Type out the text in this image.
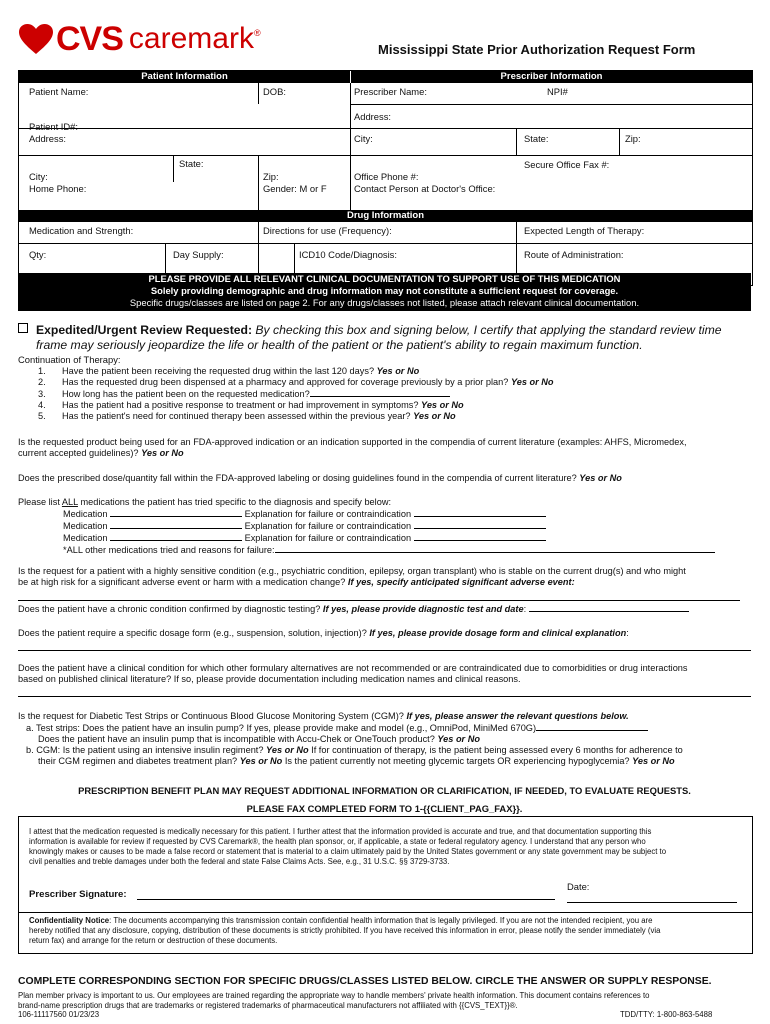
CVS caremark ®
Mississippi State Prior Authorization Request Form
Patient Information	Prescriber Information
Drug Information
Patient Name:	DOB:
Patient ID#:
Address:
State:
City:	Zip:
Home Phone:	Gender: M or F
Prescriber Name:	NPI#
Address:
City:	State:	Zip:
Secure Office Fax #:
Office Phone #:
Contact Person at Doctor's Office:
Medication and Strength:	Directions for use (Frequency):	Expected Length of Therapy:
Qty:	Day Supply:	ICD10 Code/Diagnosis:	Route of Administration:
PLEASE PROVIDE ALL RELEVANT CLINICAL DOCUMENTATION TO SUPPORT USE OF THIS MEDICATION
Solely providing demographic and drug information may not constitute a sufficient request for coverage.
Specific drugs/classes are listed on page 2. For any drugs/classes not listed, please attach relevant clinical documentation.
Expedited/Urgent Review Requested: By checking this box and signing below, I certify that applying the standard review time
frame may seriously jeopardize the life or health of the patient or the patient's ability to regain maximum function.
Continuation of Therapy:
1. Have the patient been receiving the requested drug within the last 120 days? Yes or No
2. Has the requested drug been dispensed at a pharmacy and approved for coverage previously by a prior plan? Yes or No
3. How long has the patient been on the requested medication?
4. Has the patient had a positive response to treatment or had improvement in symptoms? Yes or No
5. Has the patient's need for continued therapy been assessed within the previous year? Yes or No
Is the requested product being used for an FDA-approved indication or an indication supported in the compendia of current literature (examples: AHFS, Micromedex,
current accepted guidelines)? Yes or No
Does the prescribed dose/quantity fall within the FDA-approved labeling or dosing guidelines found in the compendia of current literature? Yes or No
Please list ALL medications the patient has tried specific to the diagnosis and specify below:
Medication	Explanation for failure or contraindication
Medication	Explanation for failure or contraindication
Medication	Explanation for failure or contraindication
*ALL other medications tried and reasons for failure:
Is the request for a patient with a highly sensitive condition (e.g., psychiatric condition, epilepsy, organ transplant) who is stable on the current drug(s) and who might
be at high risk for a significant adverse event or harm with a medication change? If yes, specify anticipated significant adverse event:
Does the patient have a chronic condition confirmed by diagnostic testing? If yes, please provide diagnostic test and date:
Does the patient require a specific dosage form (e.g., suspension, solution, injection)? If yes, please provide dosage form and clinical explanation:
Does the patient have a clinical condition for which other formulary alternatives are not recommended or are contraindicated due to comorbidities or drug interactions
based on published clinical literature? If so, please provide documentation including medication names and clinical reasons.
Is the request for Diabetic Test Strips or Continuous Blood Glucose Monitoring System (CGM)? If yes, please answer the relevant questions below.
a. Test strips: Does the patient have an insulin pump? If yes, please provide make and model (e.g., OmniPod, MiniMed 670G)
Does the patient have an insulin pump that is incompatible with Accu-Chek or OneTouch product? Yes or No
b. CGM: Is the patient using an intensive insulin regiment? Yes or No If for continuation of therapy, is the patient being assessed every 6 months for adherence to
their CGM regimen and diabetes treatment plan? Yes or No Is the patient currently not meeting glycemic targets OR experiencing hypoglycemia? Yes or No
PRESCRIPTION BENEFIT PLAN MAY REQUEST ADDITIONAL INFORMATION OR CLARIFICATION, IF NEEDED, TO EVALUATE REQUESTS.
PLEASE FAX COMPLETED FORM TO 1-{{CLIENT_PAG_FAX}}.
I attest that the medication requested is medically necessary for this patient. I further attest that the information provided is accurate and true, and that documentation supporting this
information is available for review if requested by CVS Caremark®, the health plan sponsor, or, if applicable, a state or federal regulatory agency. I understand that any person who
knowingly makes or causes to be made a false record or statement that is material to a claim ultimately paid by the United States government or any state government may be subject to
civil penalties and treble damages under both the federal and state False Claims Acts. See, e.g., 31 U.S.C. §§ 3729-3733.
Date:
Prescriber Signature:
Confidentiality Notice: The documents accompanying this transmission contain confidential health information that is legally privileged. If you are not the intended recipient, you are
hereby notified that any disclosure, copying, distribution of these documents is strictly prohibited. If you have received this information in error, please notify the sender immediately (via
return fax) and arrange for the return or destruction of these documents.
COMPLETE CORRESPONDING SECTION FOR SPECIFIC DRUGS/CLASSES LISTED BELOW. CIRCLE THE ANSWER OR SUPPLY RESPONSE.
Plan member privacy is important to us. Our employees are trained regarding the appropriate way to handle members' private health information. This document contains references to
brand-name prescription drugs that are trademarks or registered trademarks of pharmaceutical manufacturers not affiliated with {{CVS_TEXT}}®.
106-11117560 01/23/23	TDD/TTY: 1-800-863-5488
